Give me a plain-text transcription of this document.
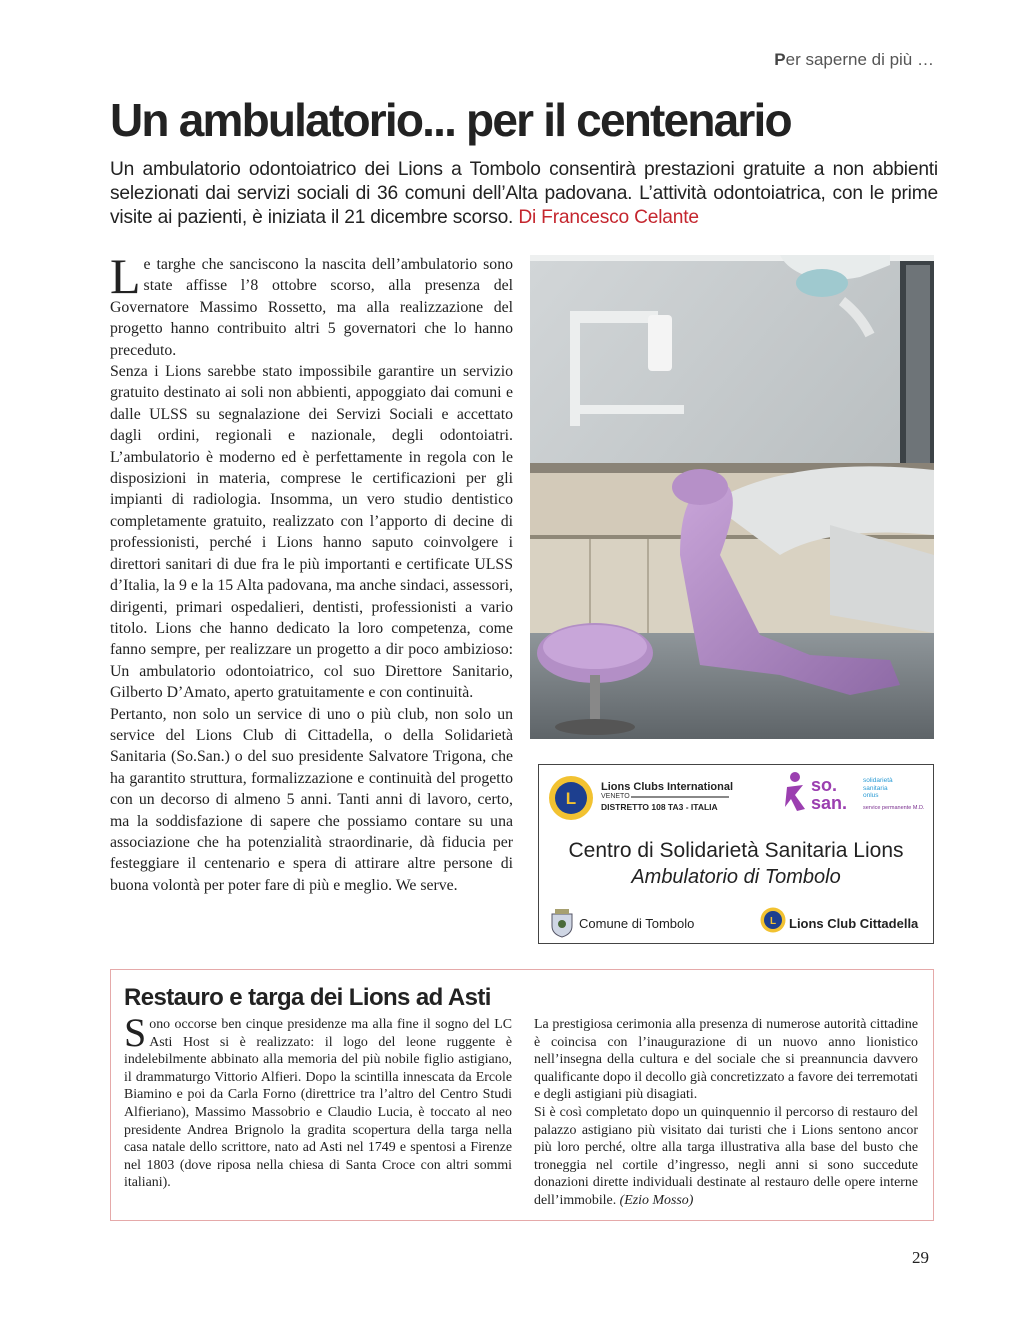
Per saperne di più …
Un ambulatorio... per il centenario

Un ambulatorio odontoiatrico dei Lions a Tombolo consentirà prestazioni gratuite a non abbienti selezionati dai servizi sociali di 36 comuni dell’Alta padovana. L’attività odontoiatrica, con le prime visite ai pazienti, è iniziata il 21 dicembre scorso. Di Francesco Celante

Le targhe che sanciscono la nascita dell’ambulatorio sono state affisse l’8 ottobre scorso, alla presenza del Governatore Massimo Rossetto, ma alla realizzazione del progetto hanno contribuito altri 5 governatori che lo hanno preceduto.

Senza i Lions sarebbe stato impossibile garantire un servizio gratuito destinato ai soli non abbienti, appoggiato dai comuni e dalle ULSS su segnalazione dei Servizi Sociali e accettato dagli ordini, regionali e nazionale, degli odontoiatri. L’ambulatorio è moderno ed è perfettamente in regola con le disposizioni in materia, comprese le certificazioni per gli impianti di radiologia. Insomma, un vero studio dentistico completamente gratuito, realizzato con l’apporto di decine di professionisti, perché i Lions hanno saputo coinvolgere i direttori sanitari di due fra le più importanti e certificate ULSS d’Italia, la 9 e la 15 Alta padovana, ma anche sindaci, assessori, dirigenti, primari ospedalieri, dentisti, professionisti a vario titolo. Lions che hanno dedicato la loro competenza, come fanno sempre, per realizzare un progetto a dir poco ambizioso: Un ambulatorio odontoiatrico, col suo Direttore Sanitario, Gilberto D’Amato, aperto gratuitamente e con continuità.

Pertanto, non solo un service di uno o più club, non solo un service del Lions Club di Cittadella, o della Solidarietà Sanitaria (So.San.) o del suo presidente Salvatore Trigona, che ha garantito struttura, formalizzazione e continuità del progetto con un decorso di almeno 5 anni. Tanti anni di lavoro, certo, ma la soddisfazione di sapere che possiamo contare su una associazione che ha potenzialità straordinarie, dà fiducia per festeggiare il centenario e spera di attirare altre persone di buona volontà per poter fare di più e meglio. We serve.

L
Lions Clubs International
VENETO
DISTRETTO 108 TA3 - ITALIA
so.
san.
solidarietà
sanitaria
onlus
service permanente M.D.
Centro di Solidarietà Sanitaria Lions
Ambulatorio di Tombolo
Comune di Tombolo	L Lions Club Cittadella
Restauro e targa dei Lions ad Asti

Sono occorse ben cinque presidenze ma alla fine il sogno del LC Asti Host si è realizzato: il logo del leone ruggente è indelebilmente abbinato alla memoria del più nobile figlio astigiano, il drammaturgo Vittorio Alfieri. Dopo la scintilla innescata da Ercole Biamino e poi da Carla Forno (direttrice tra l’altro del Centro Studi Alfieriano), Massimo Massobrio e Claudio Lucia, è toccato al neo presidente Andrea Brignolo la gradita scopertura della targa nella casa natale dello scrittore, nato ad Asti nel 1749 e spentosi a Firenze nel 1803 (dove riposa nella chiesa di Santa Croce con altri sommi italiani).

La prestigiosa cerimonia alla presenza di numerose autorità cittadine è coincisa con l’inaugurazione di un nuovo anno lionistico nell’insegna della cultura e del sociale che si preannuncia davvero qualificante dopo il decollo già concretizzato a favore dei terremotati e degli astigiani più disagiati.

Si è così completato dopo un quinquennio il percorso di restauro del palazzo astigiano più visitato dai turisti che i Lions sentono ancor più loro perché, oltre alla targa illustrativa alla base del busto che troneggia nel cortile d’ingresso, negli anni si sono succedute donazioni dirette individuali destinate al restauro delle opere interne dell’immobile. (Ezio Mosso)

29
